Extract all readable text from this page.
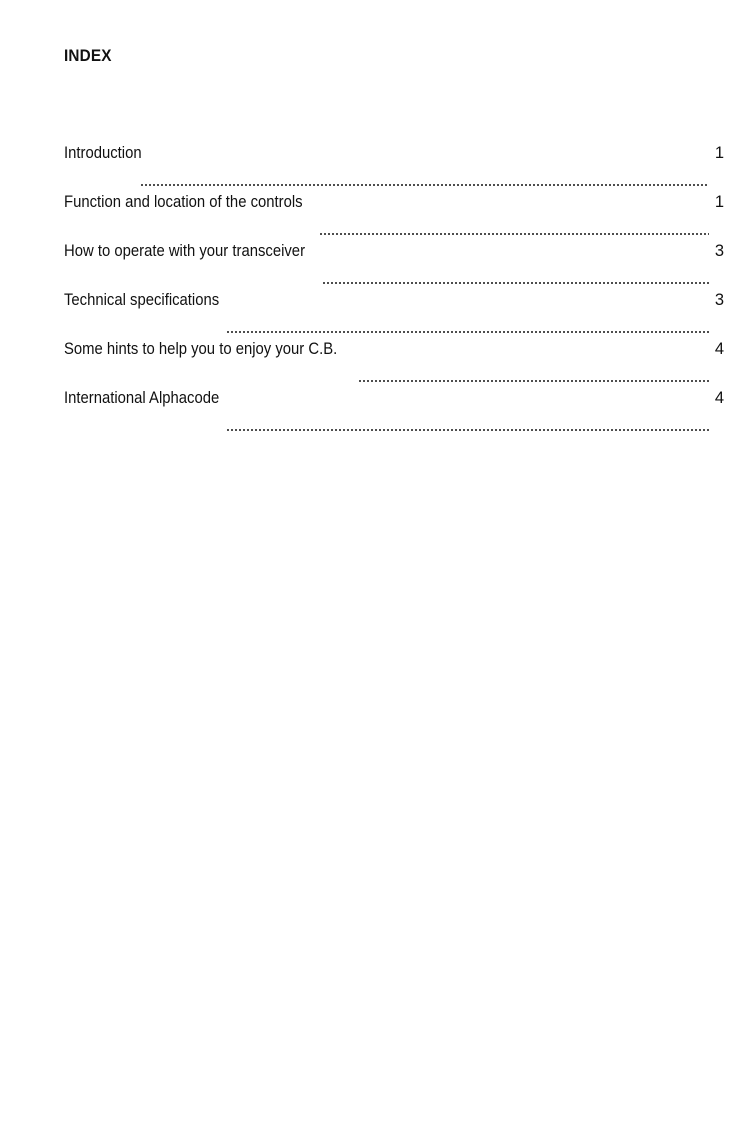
INDEX
Introduction	1
Function and location of the controls	1
How to operate with your transceiver	3
Technical specifications	3
Some hints to help you to enjoy your C.B.	4
International Alphacode	4
